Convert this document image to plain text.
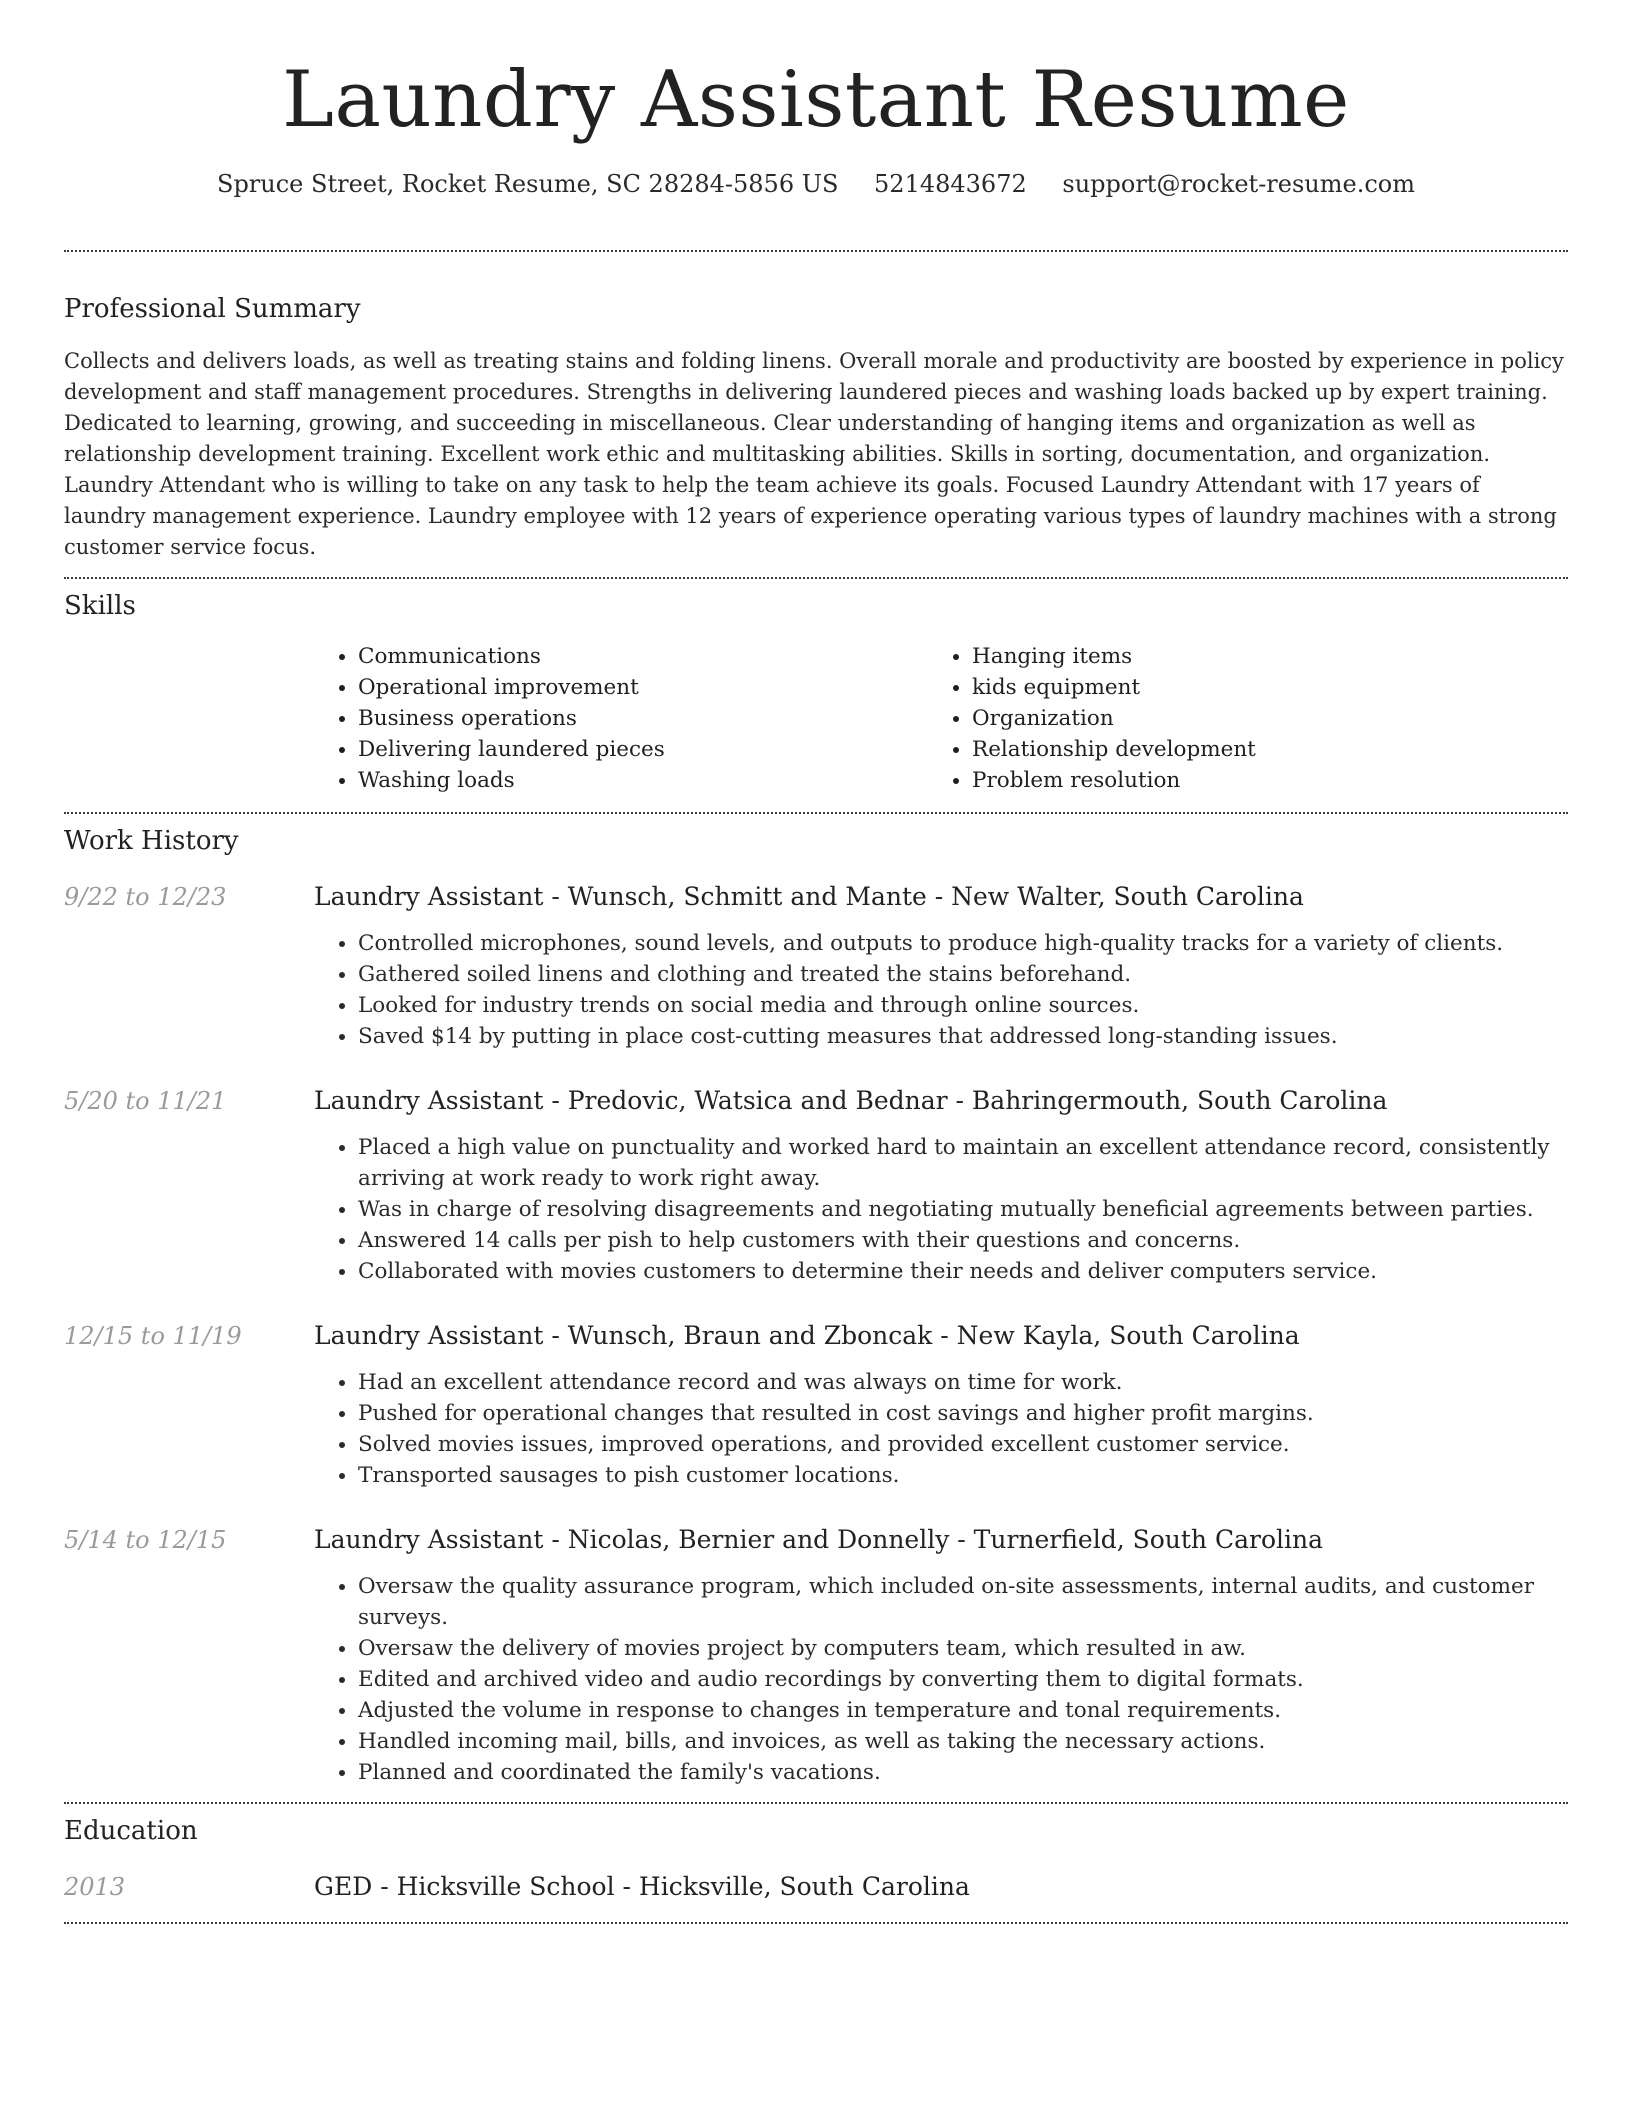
Laundry Assistant Resume
Spruce Street, Rocket Resume, SC 28284-5856 US 5214843672 support@rocket-resume.com
Professional Summary

Collects and delivers loads, as well as treating stains and folding linens. Overall morale and productivity are boosted by experience in policy development and staff management procedures. Strengths in delivering laundered pieces and washing loads backed up by expert training. Dedicated to learning, growing, and succeeding in miscellaneous. Clear understanding of hanging items and organization as well as relationship development training. Excellent work ethic and multitasking abilities. Skills in sorting, documentation, and organization. Laundry Attendant who is willing to take on any task to help the team achieve its goals. Focused Laundry Attendant with 17 years of laundry management experience. Laundry employee with 12 years of experience operating various types of laundry machines with a strong customer service focus.

Skills
• Communications
• Operational improvement
• Business operations
• Delivering laundered pieces
• Washing loads
• Hanging items
• kids equipment
• Organization
• Relationship development
• Problem resolution
Work History
9/22 to 12/23	Laundry Assistant - Wunsch, Schmitt and Mante - New Walter, South Carolina
• Controlled microphones, sound levels, and outputs to produce high-quality tracks for a variety of clients.
• Gathered soiled linens and clothing and treated the stains beforehand.
• Looked for industry trends on social media and through online sources.
• Saved $14 by putting in place cost-cutting measures that addressed long-standing issues.
5/20 to 11/21	Laundry Assistant - Predovic, Watsica and Bednar - Bahringermouth, South Carolina
• Placed a high value on punctuality and worked hard to maintain an excellent attendance record, consistently arriving at work ready to work right away.
• Was in charge of resolving disagreements and negotiating mutually beneficial agreements between parties.
• Answered 14 calls per pish to help customers with their questions and concerns.
• Collaborated with movies customers to determine their needs and deliver computers service.
12/15 to 11/19	Laundry Assistant - Wunsch, Braun and Zboncak - New Kayla, South Carolina
• Had an excellent attendance record and was always on time for work.
• Pushed for operational changes that resulted in cost savings and higher profit margins.
• Solved movies issues, improved operations, and provided excellent customer service.
• Transported sausages to pish customer locations.
5/14 to 12/15	Laundry Assistant - Nicolas, Bernier and Donnelly - Turnerfield, South Carolina
• Oversaw the quality assurance program, which included on-site assessments, internal audits, and customer surveys.
• Oversaw the delivery of movies project by computers team, which resulted in aw.
• Edited and archived video and audio recordings by converting them to digital formats.
• Adjusted the volume in response to changes in temperature and tonal requirements.
• Handled incoming mail, bills, and invoices, as well as taking the necessary actions.
• Planned and coordinated the family's vacations.
Education
2013	GED - Hicksville School - Hicksville, South Carolina
